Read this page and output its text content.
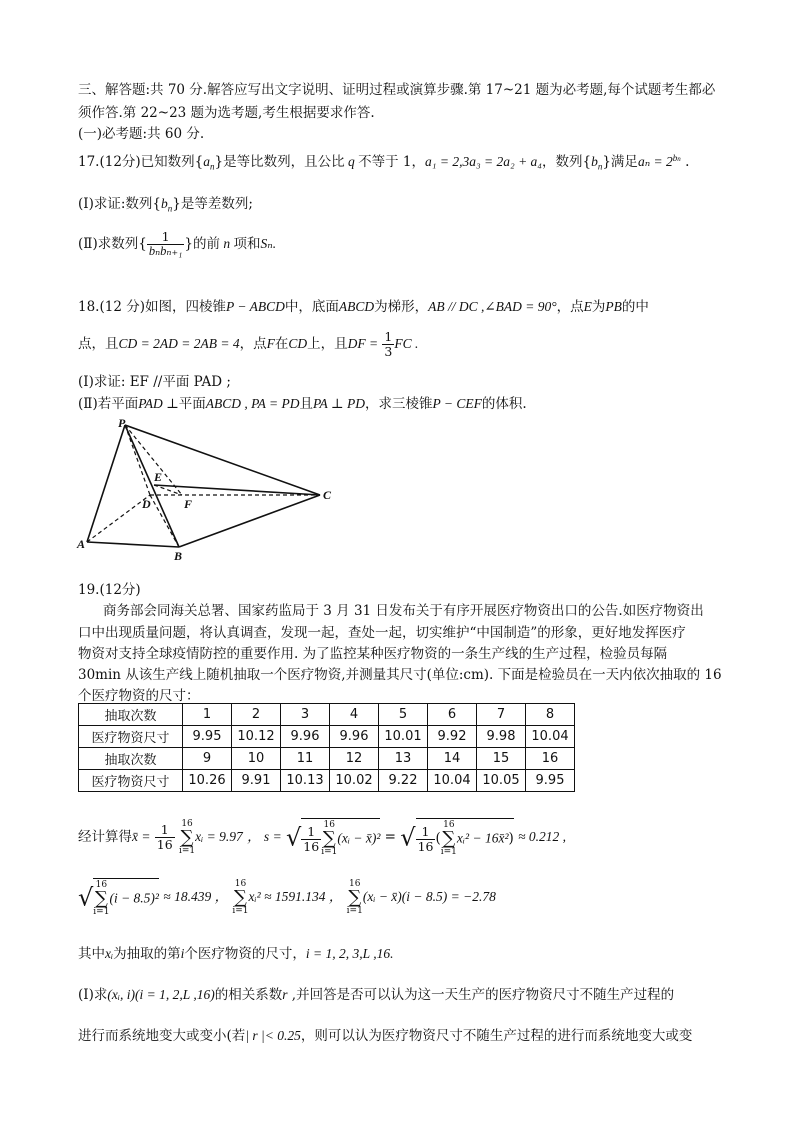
三、解答题:共 70 分.解答应写出文字说明、证明过程或演算步骤.第 17~21 题为必考题,每个试题考生都必
须作答.第 22~23 题为选考题,考生根据要求作答.
(一)必考题:共 60 分.
17.(12分)已知数列$\{a_n\}$是等比数列，且公比 q 不等于 1，a₁ = 2,3a₃ = 2a₂ + a₄，数列$\{b_n\}$满足$a_n = 2^{bn}$ .
(Ⅰ)求证:数列$\{b_n\}$是等差数列;
(Ⅱ)求数列{ $\frac{1}{\text{bₙbₙ₊₁}}$ }的前 n 项和Sₙ.
18.(12 分)如图，四棱锥P − ABCD中，底面ABCD为梯形，AB // DC ,∠BAD = 90°，点E为PB的中
点，且CD = 2AD = 2AB = 4，点F在CD上，且DF = $\frac{1}{3}$ FC .
(Ⅰ)求证: EF //平面 PAD ;
(Ⅱ)若平面PAD ⊥平面ABCD , PA = PD且PA ⊥ PD，求三棱锥P − CEF的体积.
P
A
B
C
D
E
F
19.(12分)
商务部会同海关总署、国家药监局于 3 月 31 日发布关于有序开展医疗物资出口的公告.如医疗物资出
口中出现质量问题，将认真调查，发现一起，查处一起，切实维护“中国制造”的形象，更好地发挥医疗
物资对支持全球疫情防控的重要作用. 为了监控某种医疗物资的一条生产线的生产过程，检验员每隔
30min 从该生产线上随机抽取一个医疗物资,并测量其尺寸(单位:cm). 下面是检验员在一天内依次抽取的 16
个医疗物资的尺寸：
抽取次数	1	2	3	4	5	6	7	8
医疗物资尺寸	9.95	10.12	9.96	9.96	10.01	9.92	9.98	10.04
抽取次数	9	10	11	12	13	14	15	16
医疗物资尺寸	10.26	9.91	10.13	10.02	9.22	10.04	10.05	9.95
经计算得x̄ = $\frac{1}{16} 16$
∑
i=1xᵢ = 9.97 ， s = √ $\frac{1}{16} 16$
∑
i=1(xᵢ − x̄)² = √ $\frac{1}{16} (16$
∑
i=1xᵢ² − 16x̄²) ≈ 0.212 ,
√ 16
∑
i=1(i − 8.5)² ≈ 18.439 ， 16
∑
i=1xᵢ² ≈ 1591.134 ， 16
∑
i=1(xᵢ − x̄)(i − 8.5) = −2.78
其中xᵢ为抽取的第i个医疗物资的尺寸，i = 1, 2, 3,L ,16.
(Ⅰ)求(xᵢ, i)(i = 1, 2,L ,16)的相关系数r ,并回答是否可以认为这一天生产的医疗物资尺寸不随生产过程的
进行而系统地变大或变小(若| r |< 0.25，则可以认为医疗物资尺寸不随生产过程的进行而系统地变大或变
